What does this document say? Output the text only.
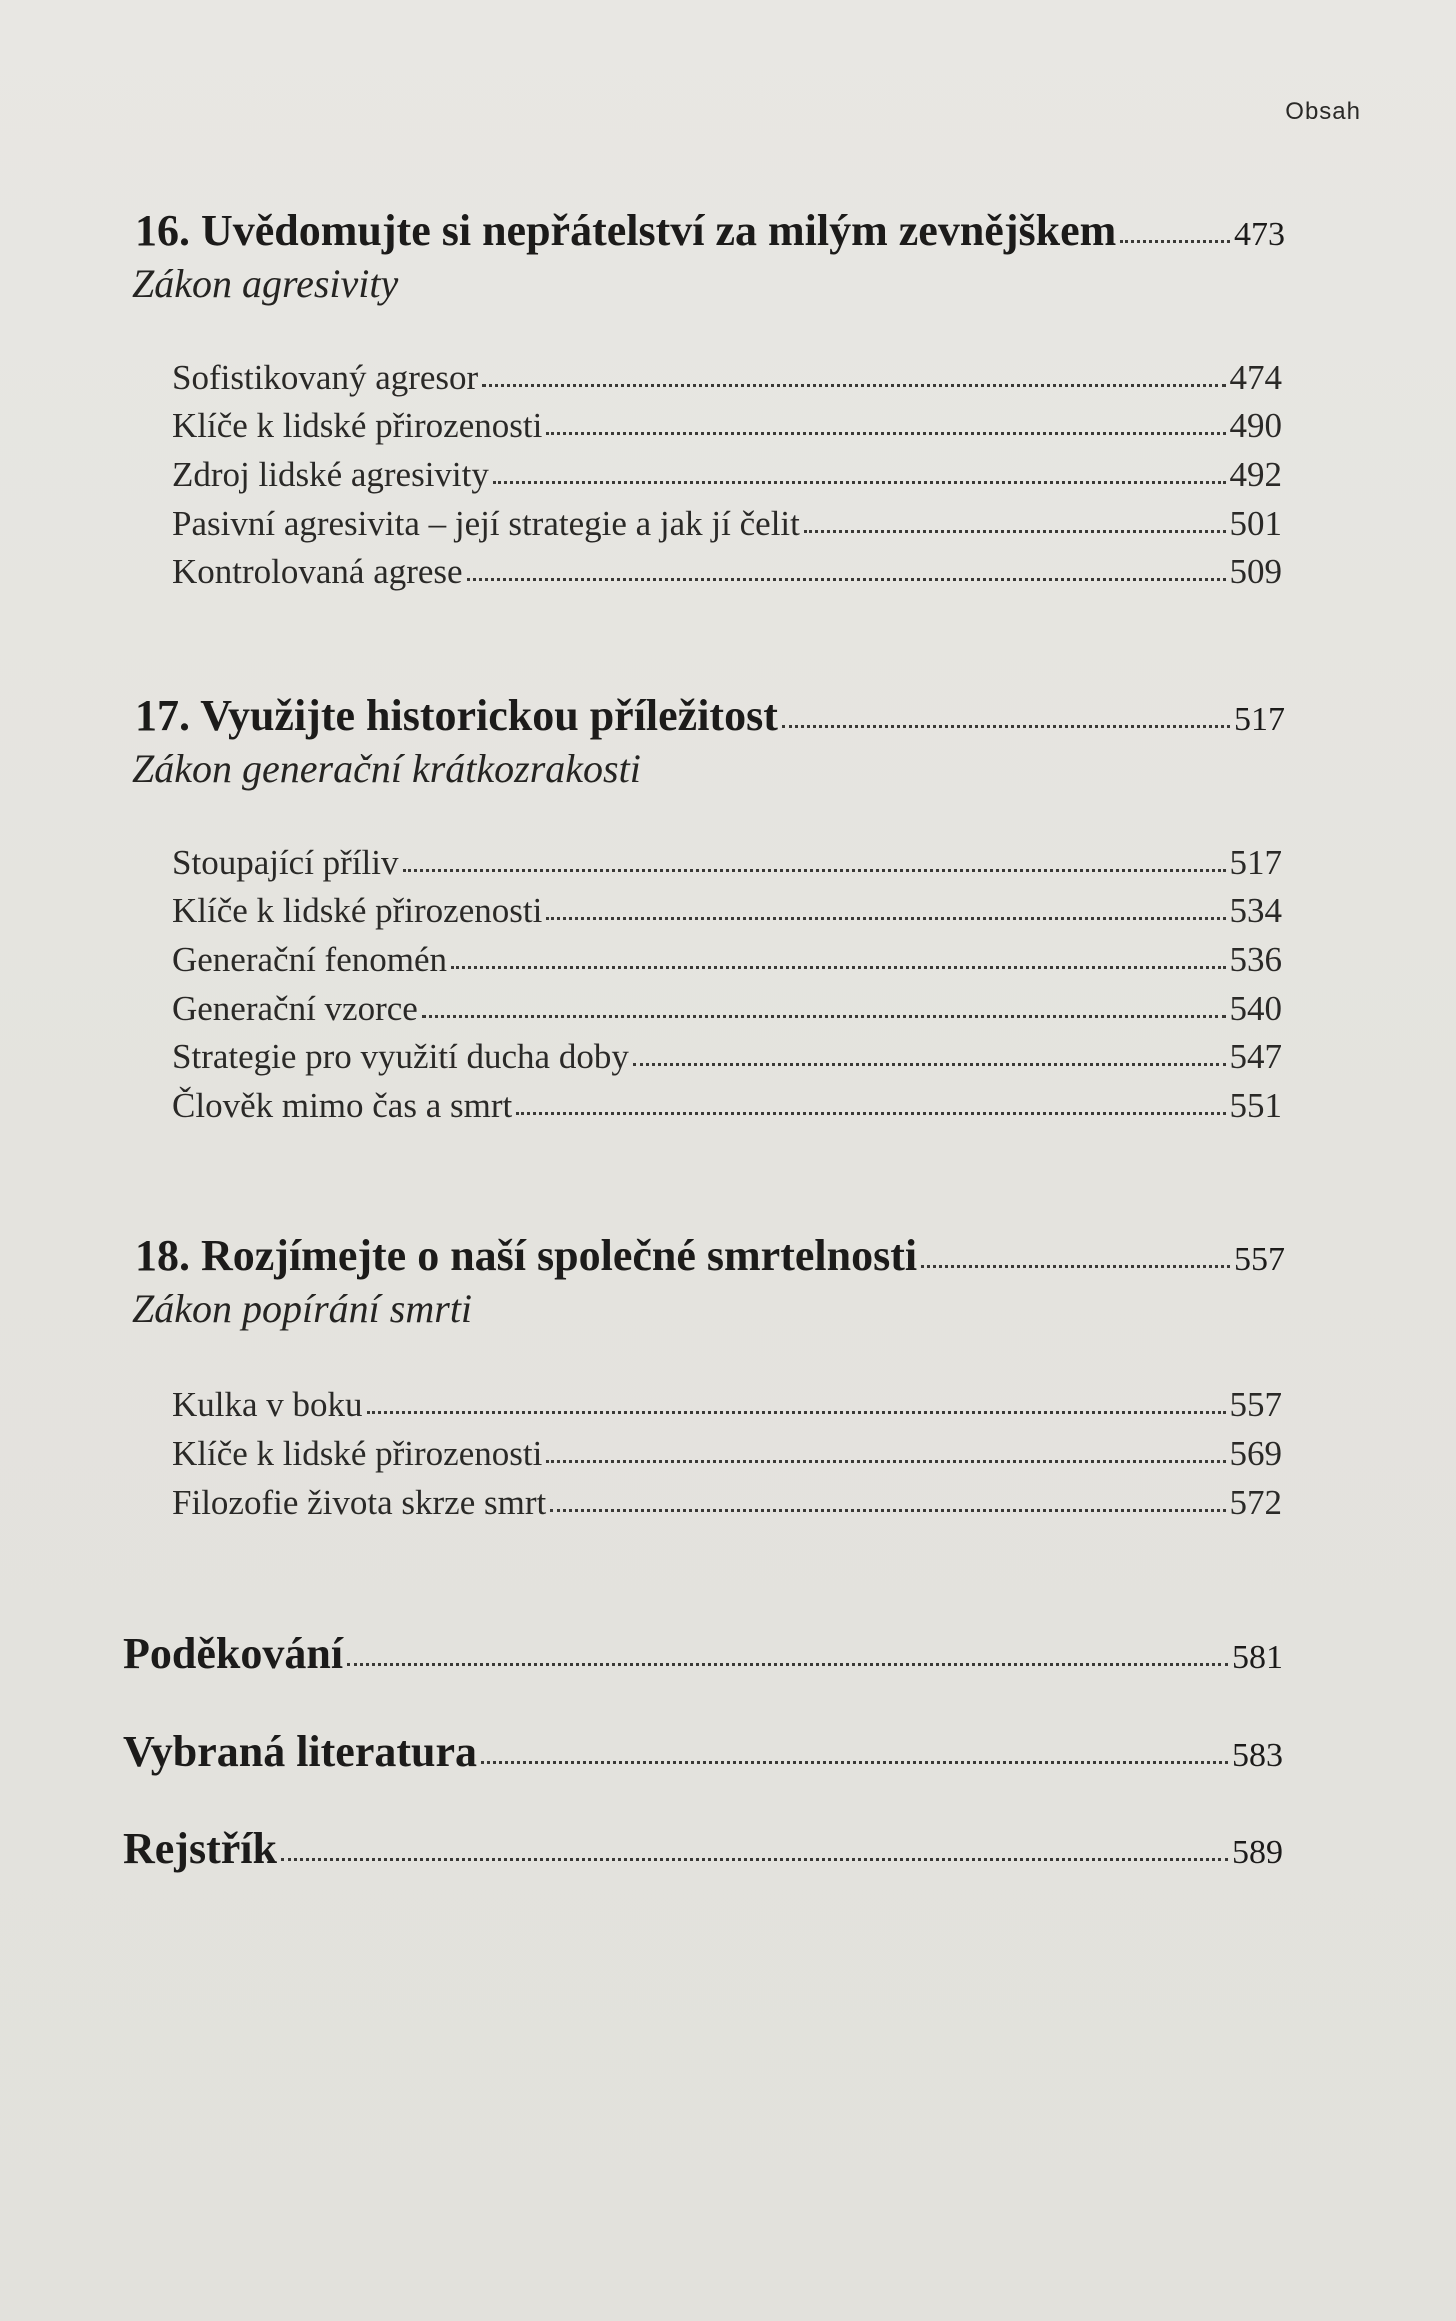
Obsah
16. Uvědomujte si nepřátelství za milým zevnějškem	473
Zákon agresivity
Sofistikovaný agresor	474
Klíče k lidské přirozenosti	490
Zdroj lidské agresivity	492
Pasivní agresivita – její strategie a jak jí čelit	501
Kontrolovaná agrese	509
17. Využijte historickou příležitost	517
Zákon generační krátkozrakosti
Stoupající příliv	517
Klíče k lidské přirozenosti	534
Generační fenomén	536
Generační vzorce	540
Strategie pro využití ducha doby	547
Člověk mimo čas a smrt	551
18. Rozjímejte o naší společné smrtelnosti	557
Zákon popírání smrti
Kulka v boku	557
Klíče k lidské přirozenosti	569
Filozofie života skrze smrt	572
Poděkování	581
Vybraná literatura	583
Rejstřík	589
